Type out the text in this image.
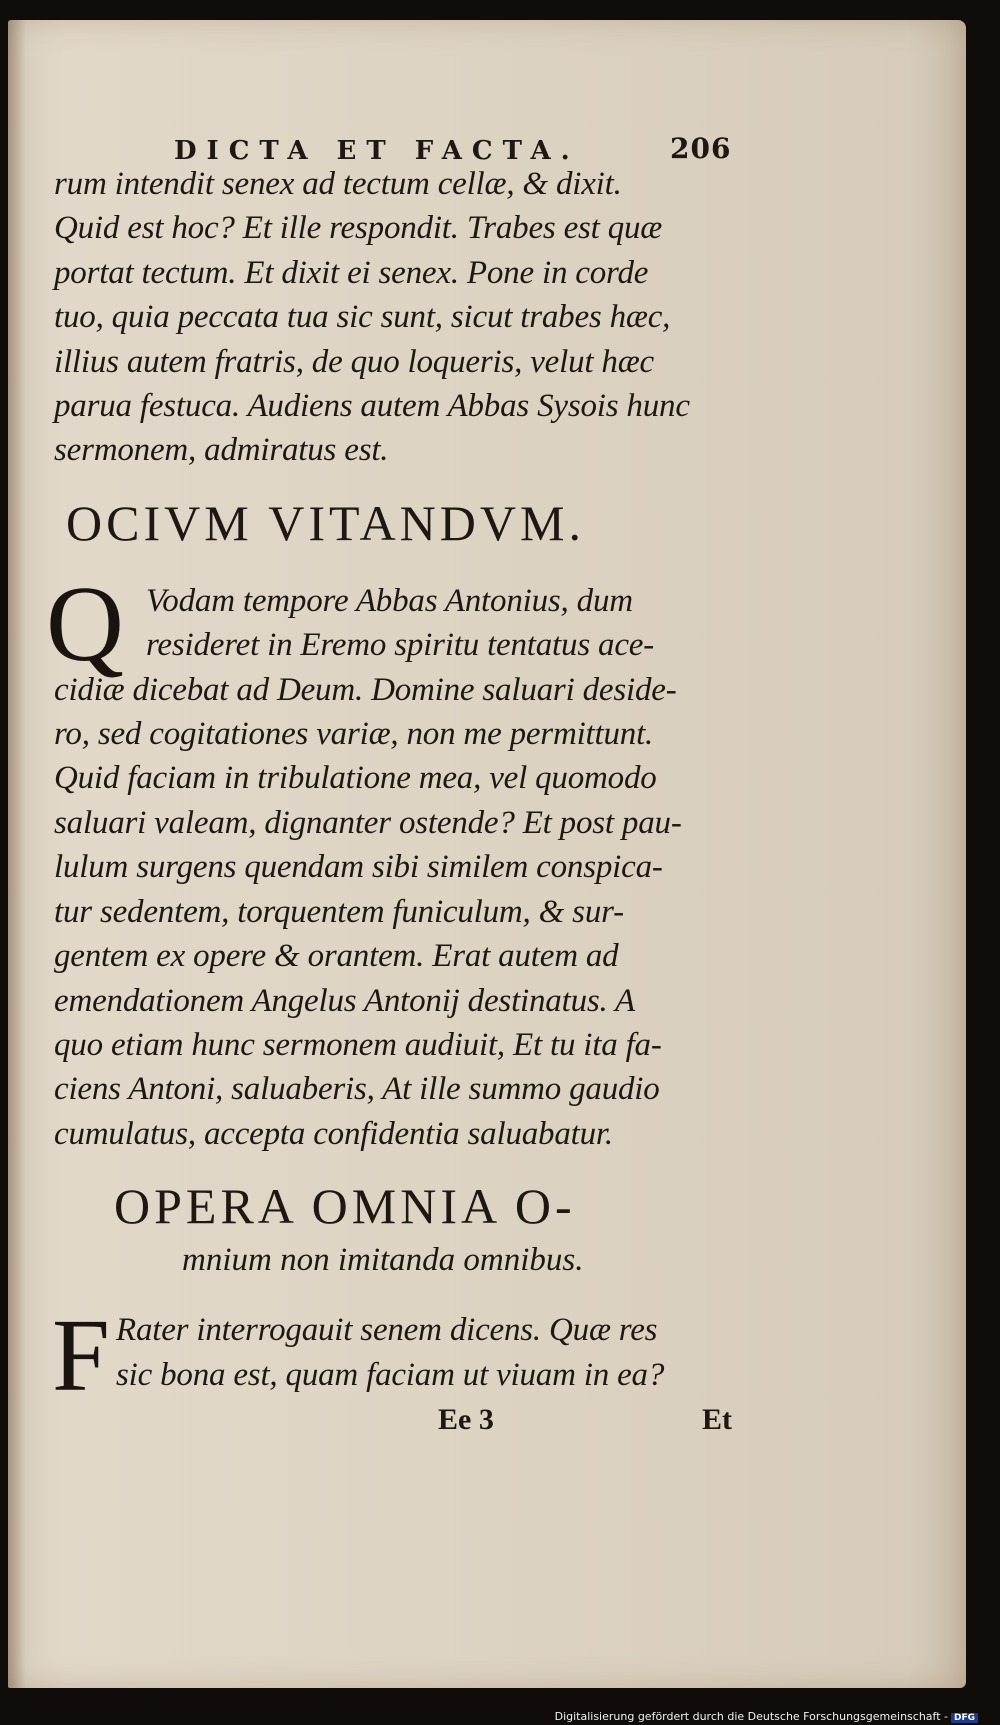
DICTA ET FACTA.	206
rum intendit senex ad tectum cellæ, & dixit.
Quid est hoc? Et ille respondit. Trabes est quæ
portat tectum. Et dixit ei senex. Pone in corde
tuo, quia peccata tua sic sunt, sicut trabes hæc,
illius autem fratris, de quo loqueris, velut hæc
parua festuca. Audiens autem Abbas Sysois hunc
sermonem, admiratus est.
OCIVM VITANDVM.
Q Vodam tempore Abbas Antonius, dum
resideret in Eremo spiritu tentatus ace-
cidiæ dicebat ad Deum. Domine saluari deside-
ro, sed cogitationes variæ, non me permittunt.
Quid faciam in tribulatione mea, vel quomodo
saluari valeam, dignanter ostende? Et post pau-
lulum surgens quendam sibi similem conspica-
tur sedentem, torquentem funiculum, & sur-
gentem ex opere & orantem. Erat autem ad
emendationem Angelus Antonij destinatus. A
quo etiam hunc sermonem audiuit, Et tu ita fa-
ciens Antoni, saluaberis, At ille summo gaudio
cumulatus, accepta confidentia saluabatur.
OPERA OMNIA O-
mnium non imitanda omnibus.
F Rater interrogauit senem dicens. Quæ res
sic bona est, quam faciam ut viuam in ea?
Ee 3	Et
Digitalisierung gefördert durch die Deutsche Forschungsgemeinschaft - DFG
